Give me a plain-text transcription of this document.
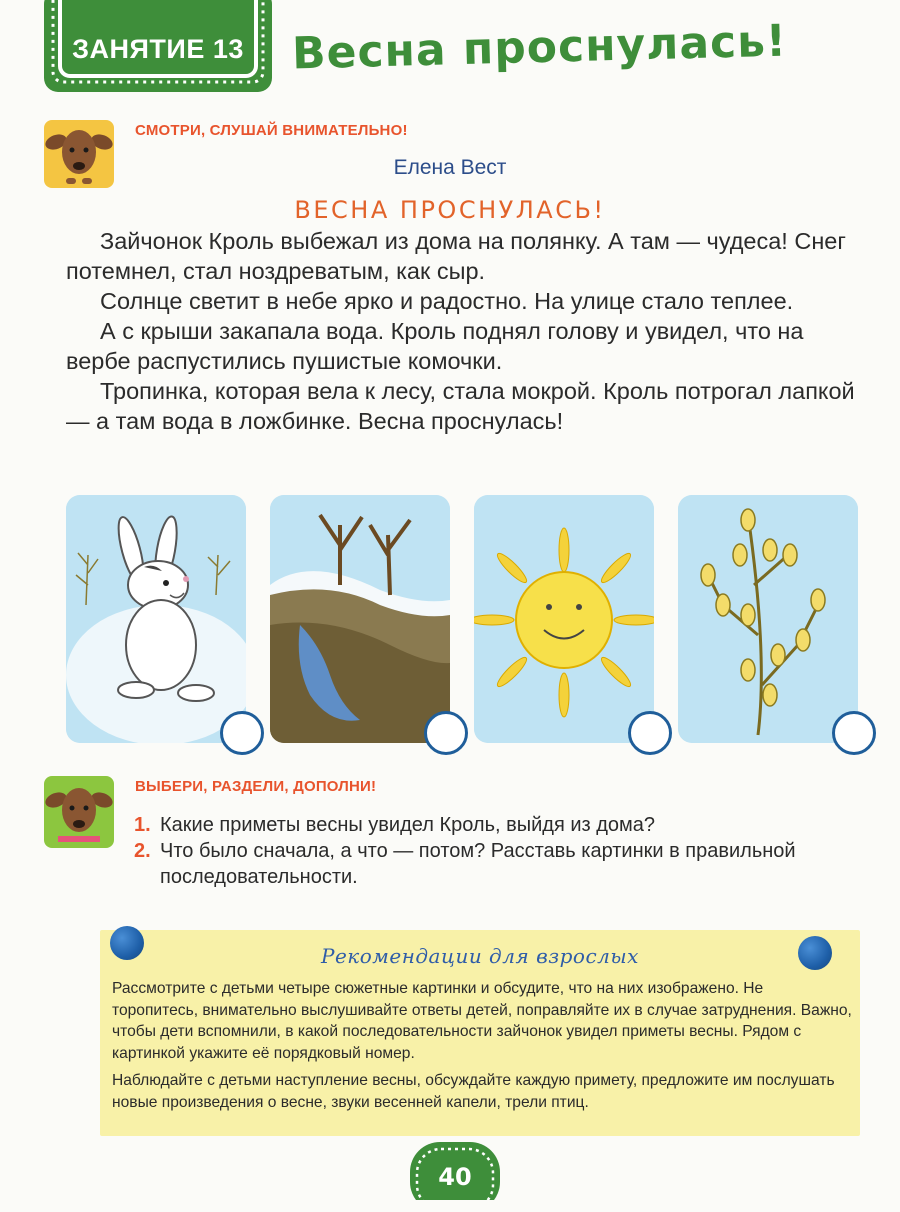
ЗАНЯТИЕ 13	Весна проснулась!
СМОТРИ, СЛУШАЙ ВНИМАТЕЛЬНО!
Елена Вест
ВЕСНА ПРОСНУЛАСЬ!

Зайчонок Кроль выбежал из дома на полянку. А там — чудеса! Снег потемнел, стал ноздреватым, как сыр.

Солнце светит в небе ярко и радостно. На улице стало теплее.

А с крыши закапала вода. Кроль поднял голову и увидел, что на вербе распустились пушистые комочки.

Тропинка, которая вела к лесу, стала мокрой. Кроль потрогал лапкой — а там вода в ложбинке. Весна проснулась!

ВЫБЕРИ, РАЗДЕЛИ, ДОПОЛНИ!
1. Какие приметы весны увидел Кроль, выйдя из дома?
2. Что было сначала, а что — потом? Расставь картинки в правильной последовательности.
Рекомендации для взрослых

Рассмотрите с детьми четыре сюжетные картинки и обсудите, что на них изображено. Не торопитесь, внимательно выслушивайте ответы детей, поправляйте их в случае затруднения. Важно, чтобы дети вспомнили, в какой последовательности зайчонок увидел приметы весны. Рядом с картинкой укажите её порядковый номер.

Наблюдайте с детьми наступление весны, обсуждайте каждую примету, предложите им послушать новые произведения о весне, звуки весенней капели, трели птиц.

40
